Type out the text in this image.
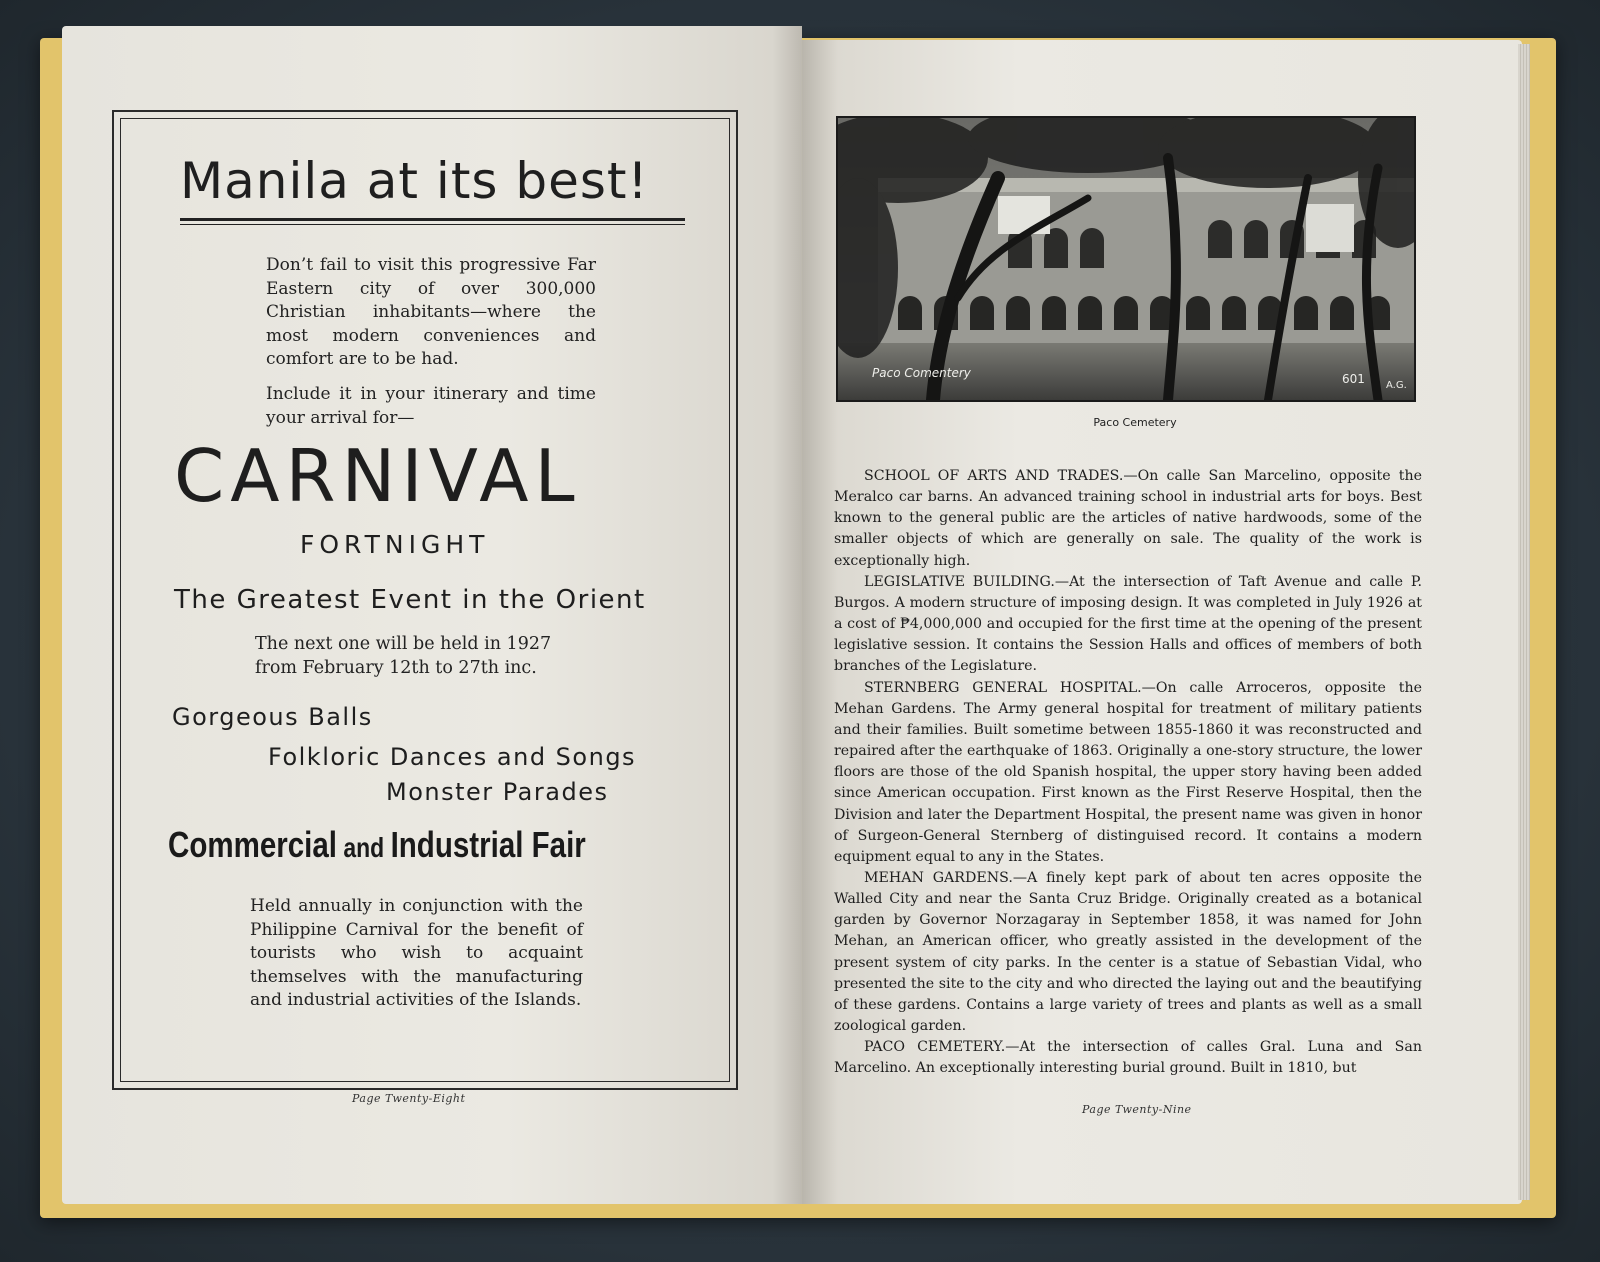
Manila at its best!
Don’t fail to visit this progressive Far Eastern city of over 300,000 Christian inhabitants—where the most modern conveniences and comfort are to be had.
Include it in your itinerary and time your arrival for—
CARNIVAL
FORTNIGHT
The Greatest Event in the Orient
The next one will be held in 1927 from February 12th to 27th inc.
Gorgeous Balls
Folkloric Dances and Songs
Monster Parades
Commercial and Industrial Fair
Held annually in conjunction with the Philippine Carnival for the benefit of tourists who wish to acquaint themselves with the manufacturing and industrial activities of the Islands.
Page Twenty-Eight
Paco Comentery	601 A.G.
Paco Cemetery

SCHOOL OF ARTS AND TRADES.—On calle San Marcelino, opposite the Meralco car barns. An advanced training school in industrial arts for boys. Best known to the general public are the articles of native hardwoods, some of the smaller objects of which are generally on sale. The quality of the work is exceptionally high.

LEGISLATIVE BUILDING.—At the intersection of Taft Avenue and calle P. Burgos. A modern structure of imposing design. It was completed in July 1926 at a cost of ₱4,000,000 and occupied for the first time at the opening of the present legislative session. It contains the Session Halls and offices of members of both branches of the Legislature.

STERNBERG GENERAL HOSPITAL.—On calle Arroceros, opposite the Mehan Gardens. The Army general hospital for treatment of military patients and their families. Built sometime between 1855-1860 it was reconstructed and repaired after the earthquake of 1863. Originally a one-story structure, the lower floors are those of the old Spanish hospital, the upper story having been added since American occupation. First known as the First Reserve Hospital, then the Division and later the Department Hospital, the present name was given in honor of Surgeon-General Sternberg of distinguised record. It contains a modern equipment equal to any in the States.

MEHAN GARDENS.—A finely kept park of about ten acres opposite the Walled City and near the Santa Cruz Bridge. Originally created as a botanical garden by Governor Norzagaray in September 1858, it was named for John Mehan, an American officer, who greatly assisted in the development of the present system of city parks. In the center is a statue of Sebastian Vidal, who presented the site to the city and who directed the laying out and the beautifying of these gardens. Contains a large variety of trees and plants as well as a small zoological garden.

PACO CEMETERY.—At the intersection of calles Gral. Luna and San Marcelino. An exceptionally interesting burial ground. Built in 1810, but

Page Twenty-Nine
